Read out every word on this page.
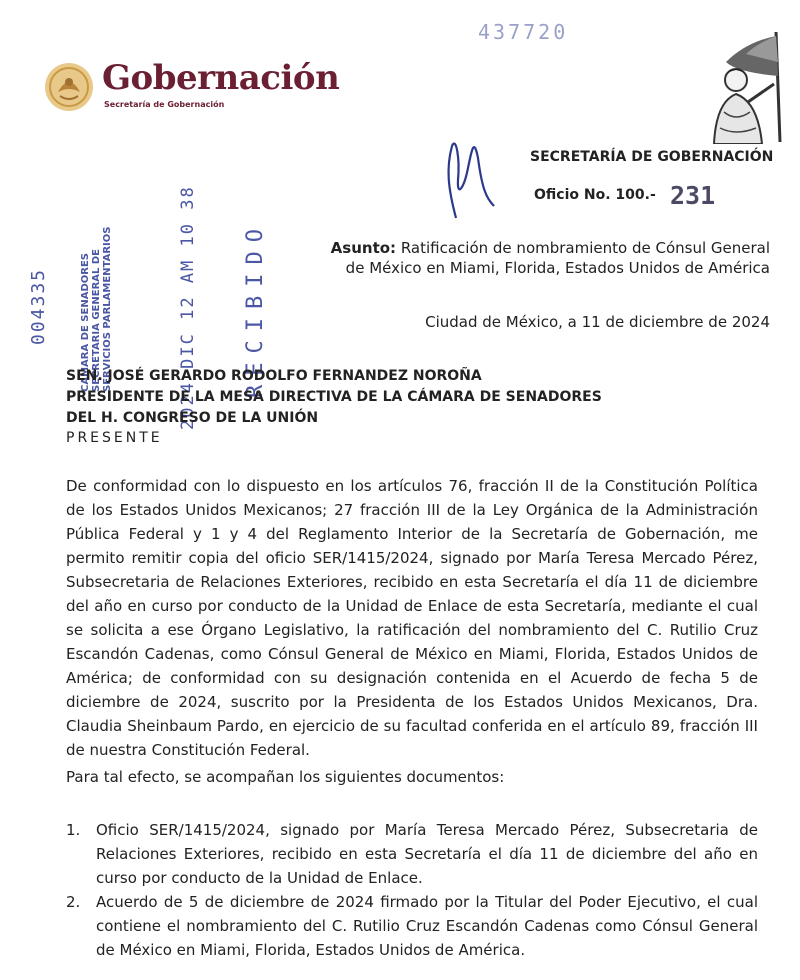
Gobernación
Secretaría de Gobernación
437720
SECRETARÍA DE GOBERNACIÓN
Oficio No. 100.- 231
Asunto: Ratificación de nombramiento de Cónsul General de México en Miami, Florida, Estados Unidos de América
Ciudad de México, a 11 de diciembre de 2024
004335	CAMARA DE SENADORES SECRETARIA GENERAL DE SERVICIOS PARLAMENTARIOS	2024 DIC 12 AM 10 38 RECIBIDO
SEN. JOSÉ GERARDO RODOLFO FERNANDEZ NOROÑA
PRESIDENTE DE LA MESA DIRECTIVA DE LA CÁMARA DE SENADORES
DEL H. CONGRESO DE LA UNIÓN
PRESENTE
De conformidad con lo dispuesto en los artículos 76, fracción II de la Constitución Política de los Estados Unidos Mexicanos; 27 fracción III de la Ley Orgánica de la Administración Pública Federal y 1 y 4 del Reglamento Interior de la Secretaría de Gobernación, me permito remitir copia del oficio SER/1415/2024, signado por María Teresa Mercado Pérez, Subsecretaria de Relaciones Exteriores, recibido en esta Secretaría el día 11 de diciembre del año en curso por conducto de la Unidad de Enlace de esta Secretaría, mediante el cual se solicita a ese Órgano Legislativo, la ratificación del nombramiento del C. Rutilio Cruz Escandón Cadenas, como Cónsul General de México en Miami, Florida, Estados Unidos de América; de conformidad con su designación contenida en el Acuerdo de fecha 5 de diciembre de 2024, suscrito por la Presidenta de los Estados Unidos Mexicanos, Dra. Claudia Sheinbaum Pardo, en ejercicio de su facultad conferida en el artículo 89, fracción III de nuestra Constitución Federal.
Para tal efecto, se acompañan los siguientes documentos:
1.	Oficio SER/1415/2024, signado por María Teresa Mercado Pérez, Subsecretaria de Relaciones Exteriores, recibido en esta Secretaría el día 11 de diciembre del año en curso por conducto de la Unidad de Enlace.
2.	Acuerdo de 5 de diciembre de 2024 firmado por la Titular del Poder Ejecutivo, el cual contiene el nombramiento del C. Rutilio Cruz Escandón Cadenas como Cónsul General de México en Miami, Florida, Estados Unidos de América.
